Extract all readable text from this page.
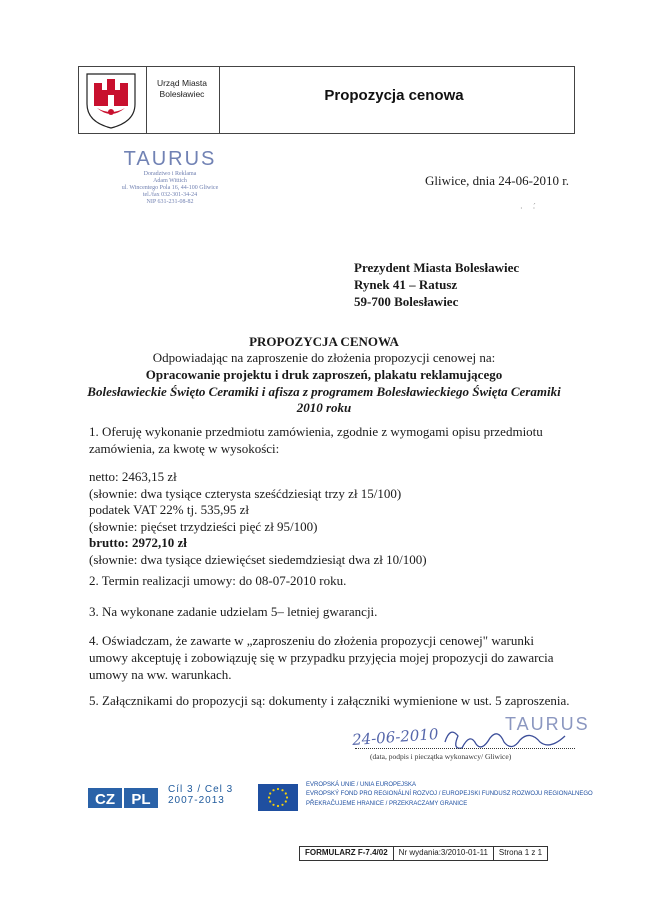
Urząd Miasta
Bolesławiec	Propozycja cenowa
TAURUS
Doradztwo i Reklama
Adam Wittich
ul. Wincentego Pola 16, 44-100 Gliwice
tel./fax 032-301-34-24
NIP 631-231-08-82
Gliwice, dnia 24-06-2010 r.
· ·́
Prezydent Miasta Bolesławiec
Rynek 41 – Ratusz
59-700 Bolesławiec
PROPOZYCJA CENOWA
Odpowiadając na zaproszenie do złożenia propozycji cenowej na:
Opracowanie projektu i druk zaproszeń, plakatu reklamującego
Bolesławieckie Święto Ceramiki i afisza z programem Bolesławieckiego Święta Ceramiki
2010 roku
1. Oferuję wykonanie przedmiotu zamówienia, zgodnie z wymogami opisu przedmiotu zamówienia, za kwotę w wysokości:
netto: 2463,15 zł
(słownie: dwa tysiące czterysta sześćdziesiąt trzy zł 15/100)
podatek VAT 22% tj. 535,95 zł
(słownie: pięćset trzydzieści pięć zł 95/100)
brutto: 2972,10 zł
(słownie: dwa tysiące dziewięćset siedemdziesiąt dwa zł 10/100)
2. Termin realizacji umowy: do 08-07-2010 roku.
3. Na wykonane zadanie udzielam 5– letniej gwarancji.
4. Oświadczam, że zawarte w „zaproszeniu do złożenia propozycji cenowej" warunki umowy akceptuję i zobowiązuję się w przypadku przyjęcia mojej propozycji do zawarcia umowy na ww. warunkach.
5. Załącznikami do propozycji są: dokumenty i załączniki wymienione w ust. 5 zaproszenia.
24-06-2010
TAURUS
(data, podpis i pieczątka wykonawcy/ Gliwice)
CZ PL
Cíl 3 / Cel 3
2007-2013
EVROPSKÁ UNIE / UNIA EUROPEJSKA
EVROPSKÝ FOND PRO REGIONÁLNÍ ROZVOJ / EUROPEJSKI FUNDUSZ ROZWOJU REGIONALNEGO
PŘEKRAČUJEME HRANICE / PRZEKRACZAMY GRANICE
FORMULARZ F-7.4/02	Nr wydania:3/2010-01-11	Strona 1 z 1
